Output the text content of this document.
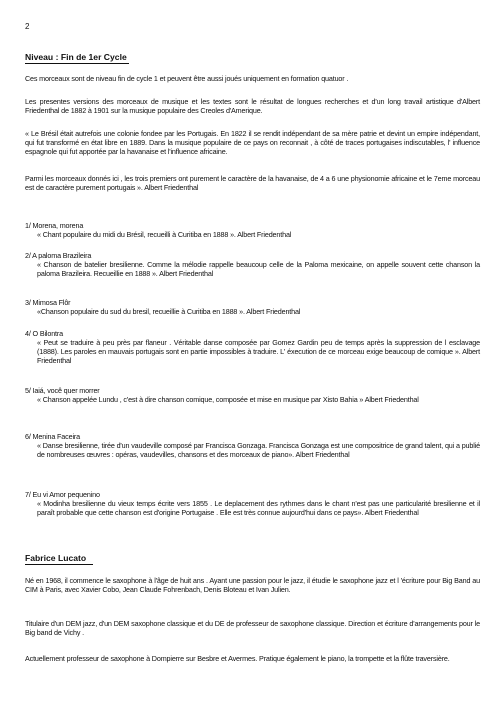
2
Niveau : Fin de 1er Cycle
Ces morceaux sont de niveau fin de cycle 1 et peuvent être aussi joués uniquement en formation quatuor .
Les presentes versions des morceaux de musique et les textes sont le résultat de longues recherches et d'un long travail artistique d'Albert Friedenthal de 1882 à 1901 sur la musique populaire des Creoles d'Amerique.
« Le Brésil était autrefois une colonie fondee par les Portugais. En 1822 il se rendit indépendant de sa mère patrie et devint un empire indépendant, qui fut transformé en état libre en 1889. Dans la musique populaire de ce pays on reconnait , à côté de traces portugaises indiscutables, l' influence espagnole qui fut apportée par la havanaise et l'influence africaine.
Parmi les morceaux donnés ici , les trois premiers ont purement le caractère de la havanaise, de 4 a 6 une physionomie africaine et le 7eme morceau est de caractère purement portugais ». Albert Friedenthal

1/ Morena, morena

« Chant populaire du midi du Brésil, recueilli à Curitiba en 1888 ». Albert Friedenthal

2/ A paloma Brazileira

« Chanson de batelier bresilienne. Comme la mélodie rappelle beaucoup celle de la Paloma mexicaine, on appelle souvent cette chanson la paloma Brazileira. Recueillie en 1888 ». Albert Friedenthal

3/ Mimosa Flôr

«Chanson populaire du sud du bresil, recueillie à Curitiba en 1888 ». Albert Friedenthal

4/ O Bilontra

« Peut se traduire à peu près par flaneur . Véritable danse composée par Gomez Gardin peu de temps après la suppression de l esclavage (1888). Les paroles en mauvais portugais sont en partie impossibles à traduire. L' éxecution de ce morceau exige beaucoup de comique ». Albert Friedenthal

5/ Iaiá, você quer morrer

« Chanson appelée Lundu , c'est à dire chanson comique, composée et mise en musique par Xisto Bahia » Albert Friedenthal

6/ Menina Faceira

« Danse bresilienne, tirée d'un vaudeville composé par Francisca Gonzaga. Francisca Gonzaga est une compositrice de grand talent, qui a publié de nombreuses œuvres : opéras, vaudevilles, chansons et des morceaux de piano». Albert Friedenthal

7/ Eu vi Amor pequenino

« Modinha bresilienne du vieux temps écrite vers 1855 . Le deplacement des rythmes dans le chant n'est pas une particularité bresilienne et il paraît probable que cette chanson est d'origine Portugaise . Elle est très connue aujourd'hui dans ce pays». Albert Friedenthal

Fabrice Lucato
Né en 1968, il commence le saxophone à l'âge de huit ans . Ayant une passion pour le jazz, il étudie le saxophone jazz et l 'écriture pour Big Band au CIM à Paris, avec Xavier Cobo, Jean Claude Fohrenbach, Denis Bloteau et Ivan Julien.
Titulaire d'un DEM jazz, d'un DEM saxophone classique et du DE de professeur de saxophone classique. Direction et écriture d'arrangements pour le Big band de Vichy .
Actuellement professeur de saxophone à Dompierre sur Besbre et Avermes. Pratique également le piano, la trompette et la flûte traversière.
